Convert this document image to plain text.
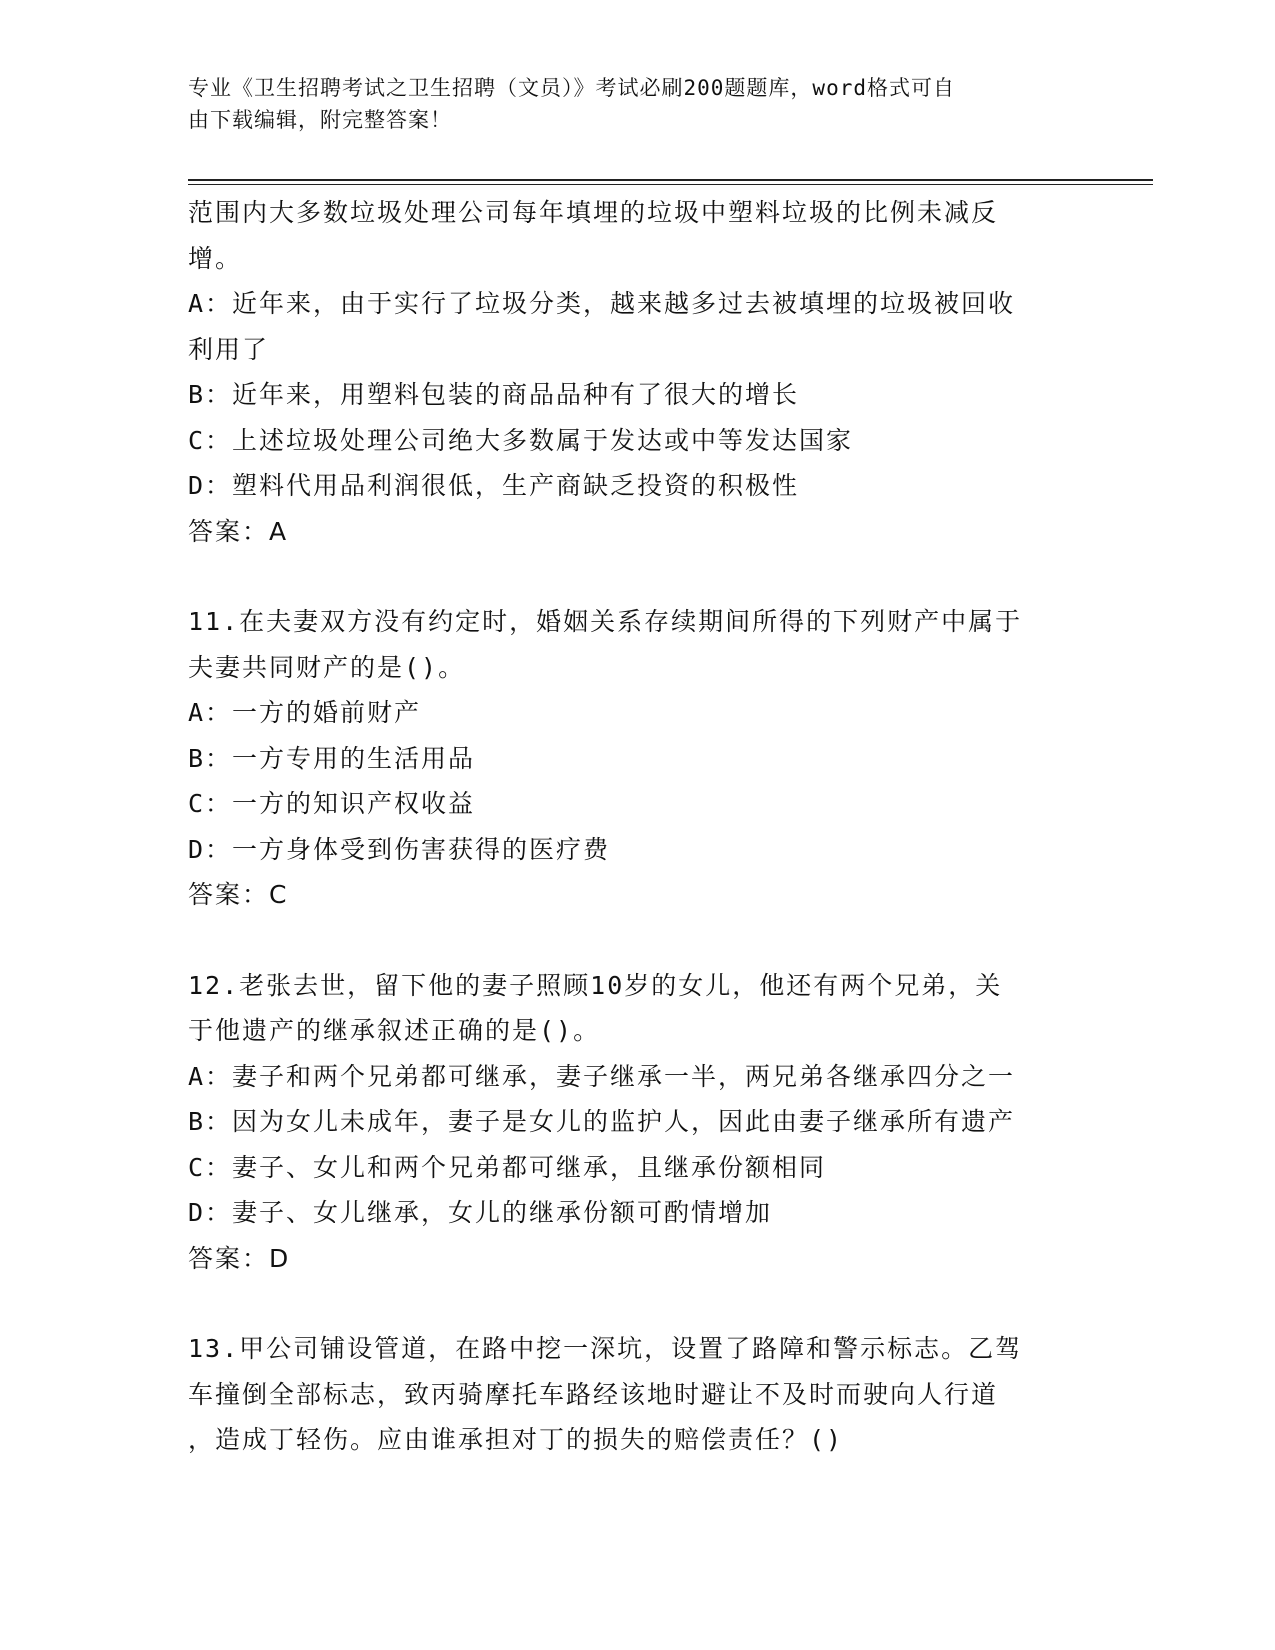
专业《卫生招聘考试之卫生招聘（文员）》考试必刷200题题库，word格式可自
由下载编辑，附完整答案！
范围内大多数垃圾处理公司每年填埋的垃圾中塑料垃圾的比例未减反
增。
A：近年来，由于实行了垃圾分类，越来越多过去被填埋的垃圾被回收
利用了
B：近年来，用塑料包装的商品品种有了很大的增长
C：上述垃圾处理公司绝大多数属于发达或中等发达国家
D：塑料代用品利润很低，生产商缺乏投资的积极性
答案：A
11.在夫妻双方没有约定时，婚姻关系存续期间所得的下列财产中属于
夫妻共同财产的是()。
A：一方的婚前财产
B：一方专用的生活用品
C：一方的知识产权收益
D：一方身体受到伤害获得的医疗费
答案：C
12.老张去世，留下他的妻子照顾10岁的女儿，他还有两个兄弟，关
于他遗产的继承叙述正确的是()。
A：妻子和两个兄弟都可继承，妻子继承一半，两兄弟各继承四分之一
B：因为女儿未成年，妻子是女儿的监护人，因此由妻子继承所有遗产
C：妻子、女儿和两个兄弟都可继承，且继承份额相同
D：妻子、女儿继承，女儿的继承份额可酌情增加
答案：D
13.甲公司铺设管道，在路中挖一深坑，设置了路障和警示标志。乙驾
车撞倒全部标志，致丙骑摩托车路经该地时避让不及时而驶向人行道
，造成丁轻伤。应由谁承担对丁的损失的赔偿责任？()
